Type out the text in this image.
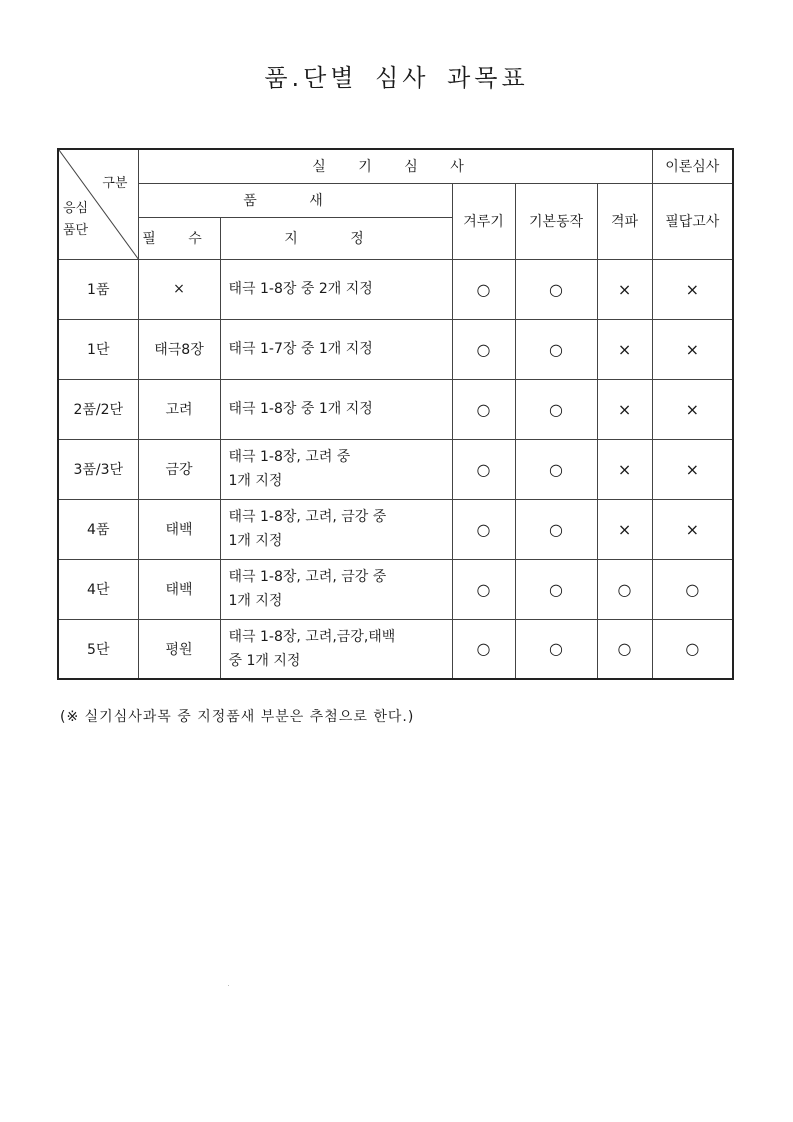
품.단별 심사 과목표
구분
응심
품단	실 기 심 사					이론심사
	품 새		겨루기	기본동작	격파	필답고사
	필 수	지 정				
1품	×	태극 1-8장 중 2개 지정	○	○	×	×
1단	태극8장	태극 1-7장 중 1개 지정	○	○	×	×
2품/2단	고려	태극 1-8장 중 1개 지정	○	○	×	×
3품/3단	금강	태극 1-8장, 고려 중
1개 지정	○	○	×	×
4품	태백	태극 1-8장, 고려, 금강 중
1개 지정	○	○	×	×
4단	태백	태극 1-8장, 고려, 금강 중
1개 지정	○	○	○	○
5단	평원	태극 1-8장, 고려,금강,태백
중 1개 지정	○	○	○	○
(※ 실기심사과목 중 지정품새 부분은 추첨으로 한다.)
